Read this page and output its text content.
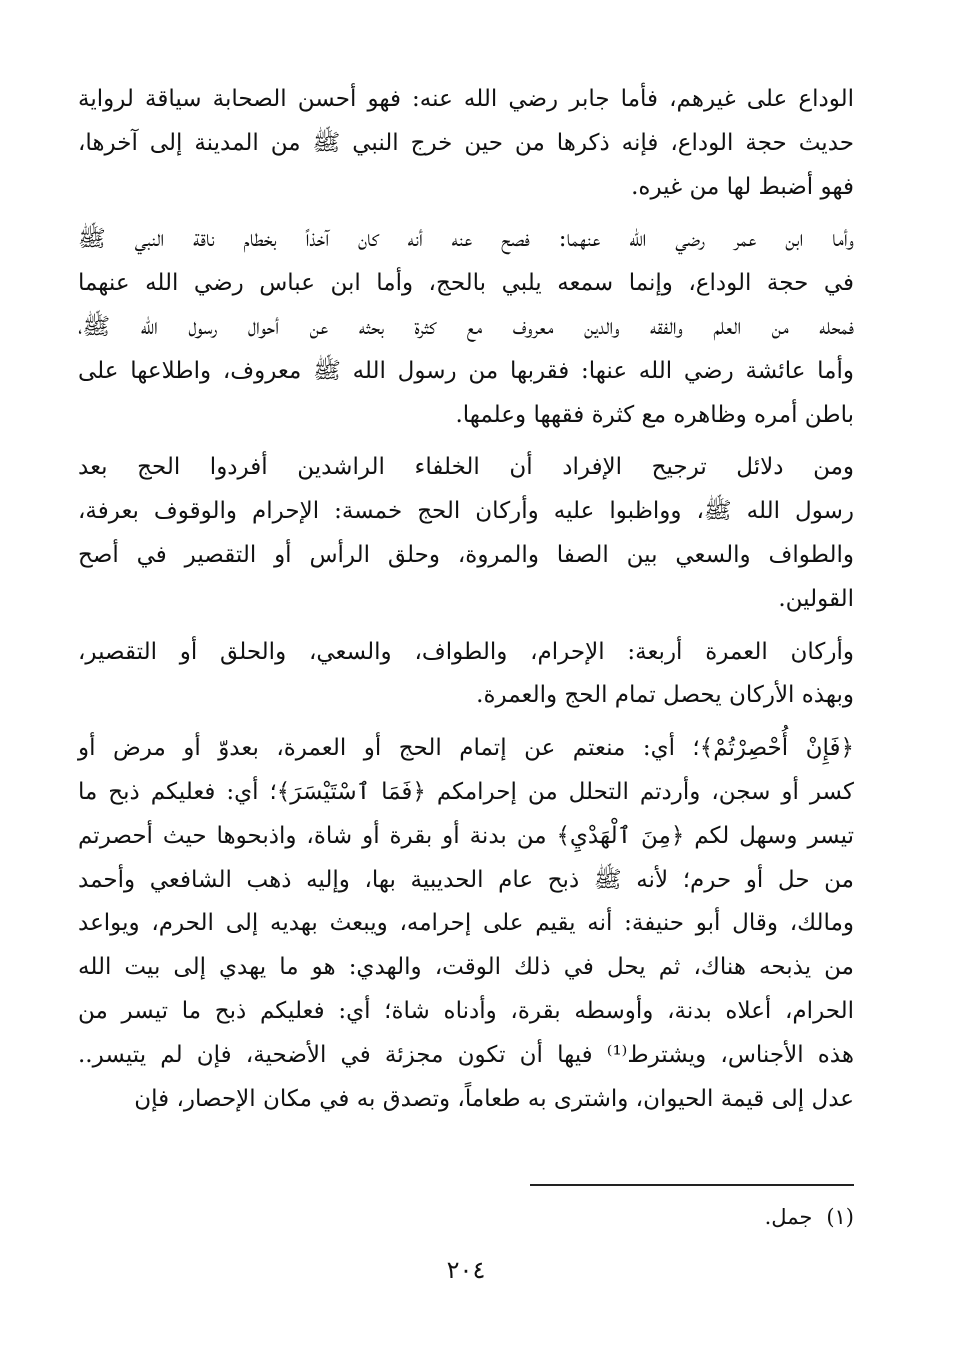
الوداع على غيرهم، فأما جابر رضي الله عنه: فهو أحسن الصحابة سياقة لرواية
حديث حجة الوداع، فإنه ذكرها من حين خرج النبي ﷺ من المدينة إلى آخرها،
فهو أضبط لها من غيره.

وأما ابن عمر رضي الله عنهما: فصح عنه أنه كان آخذاً بخطام ناقة النبي ﷺ
في حجة الوداع، وإنما سمعه يلبي بالحج، وأما ابن عباس رضي الله عنهما
فمحله من العلم والفقه والدين معروف مع كثرة بحثه عن أحوال رسول الله ﷺ،
وأما عائشة رضي الله عنها: فقربها من رسول الله ﷺ معروف، واطلاعها على
باطن أمره وظاهره مع كثرة فقهها وعلمها.

ومن دلائل ترجيح الإفراد أن الخلفاء الراشدين أفردوا الحج بعد
رسول الله ﷺ، وواظبوا عليه وأركان الحج خمسة: الإحرام والوقوف بعرفة،
والطواف والسعي بين الصفا والمروة، وحلق الرأس أو التقصير في أصح
القولين.

وأركان العمرة أربعة: الإحرام، والطواف، والسعي، والحلق أو التقصير،
وبهذه الأركان يحصل تمام الحج والعمرة.

﴿فَإِنْ أُحْصِرْتُمْ﴾؛ أي: منعتم عن إتمام الحج أو العمرة، بعدوّ أو مرض أو
كسر أو سجن، وأردتم التحلل من إحرامكم ﴿فَمَا ٱسْتَيْسَرَ﴾؛ أي: فعليكم ذبح ما
تيسر وسهل لكم ﴿مِنَ ٱلْهَدْيِ﴾ من بدنة أو بقرة أو شاة، واذبحوها حيث أحصرتم
من حل أو حرم؛ لأنه ﷺ ذبح عام الحديبية بها، وإليه ذهب الشافعي وأحمد
ومالك، وقال أبو حنيفة: أنه يقيم على إحرامه، ويبعث بهديه إلى الحرم، ويواعد
من يذبحه هناك، ثم يحل في ذلك الوقت، والهدي: هو ما يهدي إلى بيت الله
الحرام، أعلاه بدنة، وأوسطه بقرة، وأدناه شاة؛ أي: فعليكم ذبح ما تيسر من
هذه الأجناس، ويشترط⁽¹⁾ فيها أن تكون مجزئة في الأضحية، فإن لم يتيسر..
عدل إلى قيمة الحيوان، واشترى به طعاماً، وتصدق به في مكان الإحصار، فإن

(١)جمل.
٢٠٤
